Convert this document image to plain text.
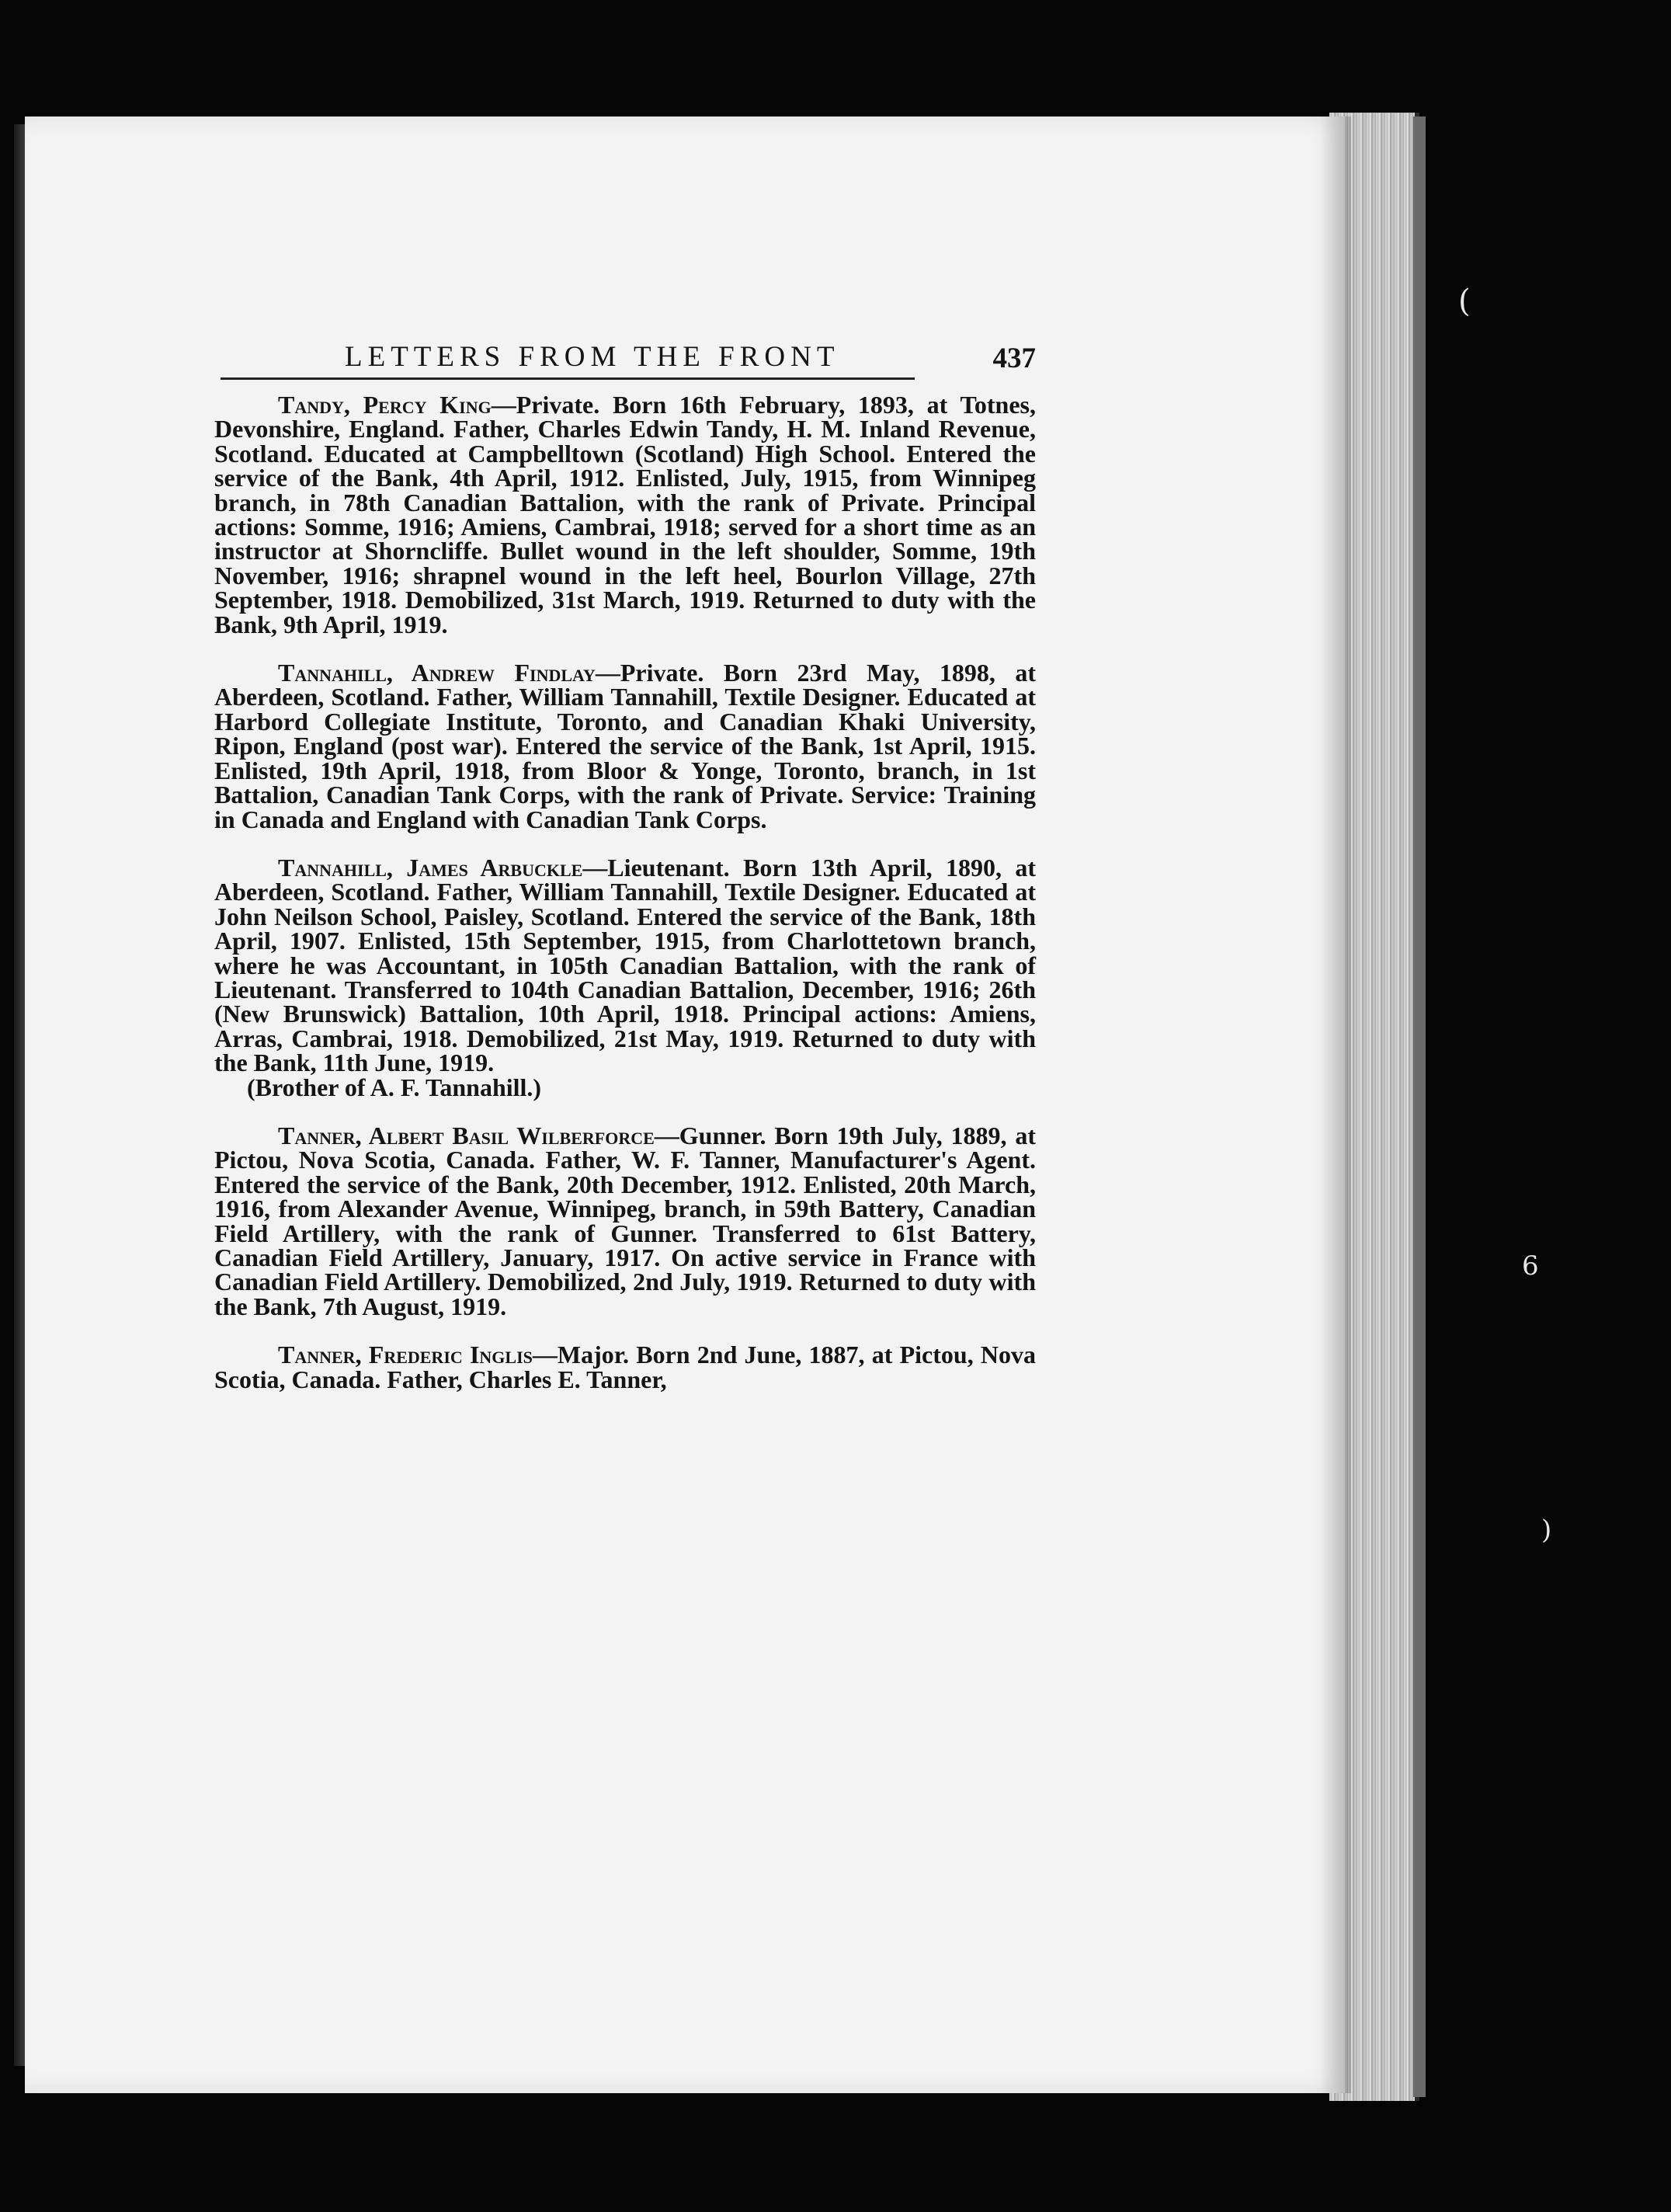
(
6
)
LETTERS FROM THE FRONT	437

Tandy, Percy King—Private. Born 16th February, 1893, at Totnes, Devonshire, England. Father, Charles Edwin Tandy, H. M. Inland Revenue, Scotland. Educated at Campbelltown (Scotland) High School. Entered the service of the Bank, 4th April, 1912. Enlisted, July, 1915, from Winnipeg branch, in 78th Canadian Battalion, with the rank of Private. Principal actions: Somme, 1916; Amiens, Cambrai, 1918; served for a short time as an instructor at Shorncliffe. Bullet wound in the left shoulder, Somme, 19th November, 1916; shrapnel wound in the left heel, Bourlon Village, 27th September, 1918. Demobilized, 31st March, 1919. Returned to duty with the Bank, 9th April, 1919.

Tannahill, Andrew Findlay—Private. Born 23rd May, 1898, at Aberdeen, Scotland. Father, William Tannahill, Textile Designer. Educated at Harbord Collegiate Institute, Toronto, and Canadian Khaki University, Ripon, England (post war). Entered the service of the Bank, 1st April, 1915. Enlisted, 19th April, 1918, from Bloor & Yonge, Toronto, branch, in 1st Battalion, Canadian Tank Corps, with the rank of Private. Service: Training in Canada and England with Canadian Tank Corps.

Tannahill, James Arbuckle—Lieutenant. Born 13th April, 1890, at Aberdeen, Scotland. Father, William Tannahill, Textile Designer. Educated at John Neilson School, Paisley, Scotland. Entered the service of the Bank, 18th April, 1907. Enlisted, 15th September, 1915, from Charlottetown branch, where he was Accountant, in 105th Canadian Battalion, with the rank of Lieutenant. Transferred to 104th Canadian Battalion, December, 1916; 26th (New Brunswick) Battalion, 10th April, 1918. Principal actions: Amiens, Arras, Cambrai, 1918. Demobilized, 21st May, 1919. Returned to duty with the Bank, 11th June, 1919.

(Brother of A. F. Tannahill.)

Tanner, Albert Basil Wilberforce—Gunner. Born 19th July, 1889, at Pictou, Nova Scotia, Canada. Father, W. F. Tanner, Manufacturer's Agent. Entered the service of the Bank, 20th December, 1912. Enlisted, 20th March, 1916, from Alexander Avenue, Winnipeg, branch, in 59th Battery, Canadian Field Artillery, with the rank of Gunner. Transferred to 61st Battery, Canadian Field Artillery, January, 1917. On active service in France with Canadian Field Artillery. Demobilized, 2nd July, 1919. Returned to duty with the Bank, 7th August, 1919.

Tanner, Frederic Inglis—Major. Born 2nd June, 1887, at Pictou, Nova Scotia, Canada. Father, Charles E. Tanner,
